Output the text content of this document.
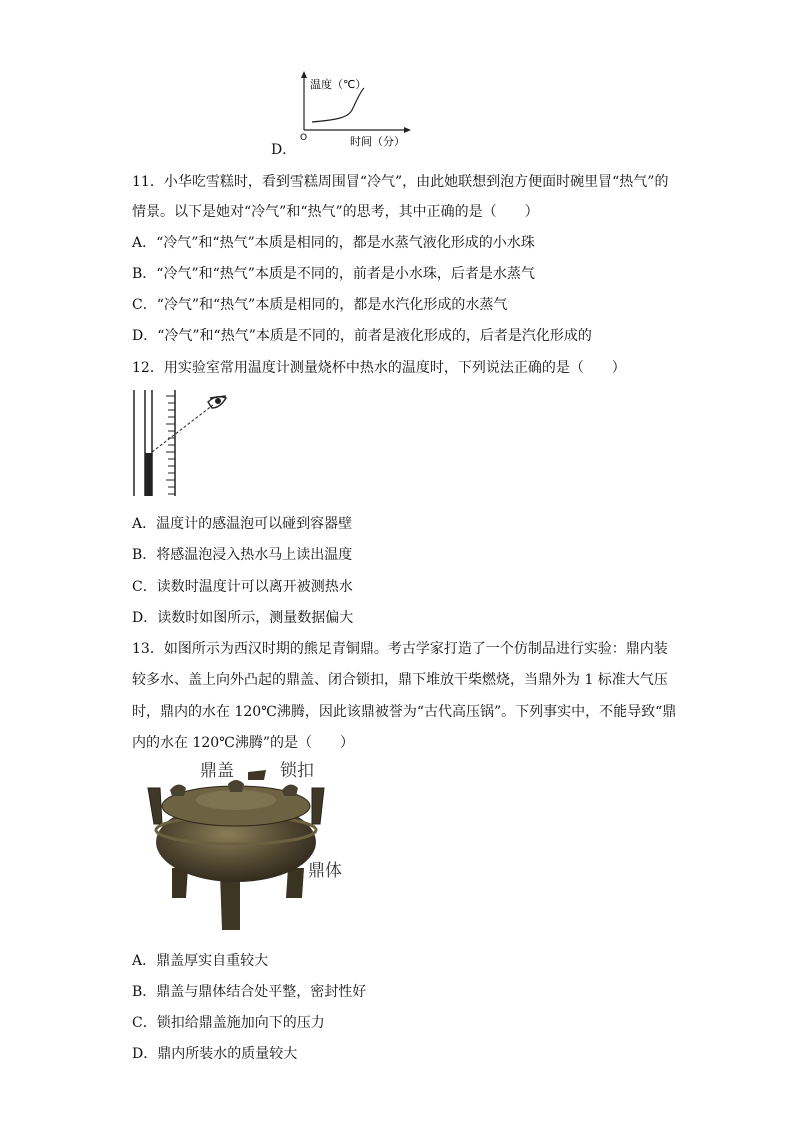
温度（℃）
时间（分）
O
D．
11．小华吃雪糕时，看到雪糕周围冒“冷气”，由此她联想到泡方便面时碗里冒“热气”的
情景。以下是她对“冷气”和“热气”的思考，其中正确的是（　　）
A．“冷气”和“热气”本质是相同的，都是水蒸气液化形成的小水珠
B．“冷气”和“热气”本质是不同的，前者是小水珠，后者是水蒸气
C．“冷气”和“热气”本质是相同的，都是水汽化形成的水蒸气
D．“冷气”和“热气”本质是不同的，前者是液化形成的，后者是汽化形成的
12．用实验室常用温度计测量烧杯中热水的温度时，下列说法正确的是（　　）
A．温度计的感温泡可以碰到容器壁
B．将感温泡浸入热水马上读出温度
C．读数时温度计可以离开被测热水
D．读数时如图所示，测量数据偏大
13．如图所示为西汉时期的熊足青铜鼎。考古学家打造了一个仿制品进行实验：鼎内装
较多水、盖上向外凸起的鼎盖、闭合锁扣，鼎下堆放干柴燃烧，当鼎外为 1 标准大气压
时，鼎内的水在 120℃沸腾，因此该鼎被誉为“古代高压锅”。下列事实中，不能导致“鼎
内的水在 120℃沸腾”的是（　　）
鼎盖	锁扣
鼎体
A．鼎盖厚实自重较大
B．鼎盖与鼎体结合处平整，密封性好
C．锁扣给鼎盖施加向下的压力
D．鼎内所装水的质量较大
